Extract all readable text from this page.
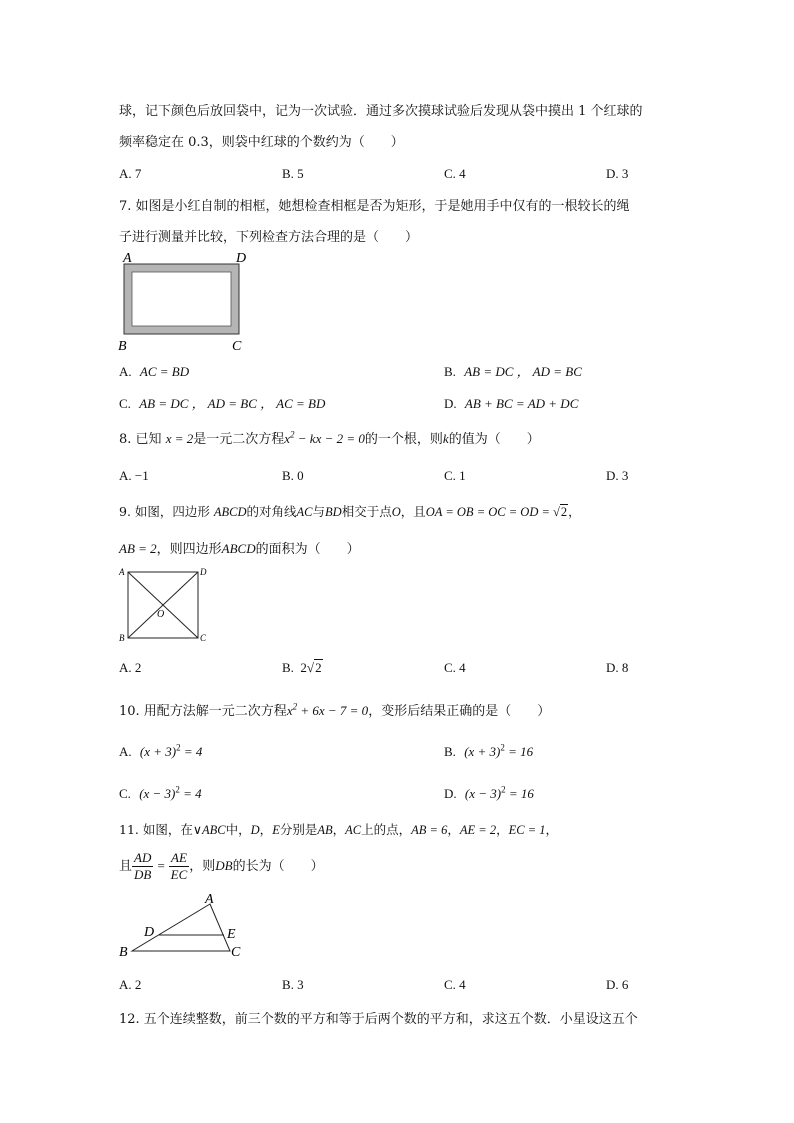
球，记下颜色后放回袋中，记为一次试验．通过多次摸球试验后发现从袋中摸出 1 个红球的
频率稳定在 0.3，则袋中红球的个数约为（　　）
A. 7	B. 5	C. 4	D. 3
7. 如图是小红自制的相框，她想检查相框是否为矩形，于是她用手中仅有的一根较长的绳
子进行测量并比较，下列检查方法合理的是（　　）
A	D
B	C
A. AC = BD	B. AB = DC ， AD = BC
C. AB = DC ， AD = BC ， AC = BD	D. AB + BC = AD + DC
8. 已知 x = 2是一元二次方程$x^2$ − kx − 2 = 0的一个根，则k的值为（　　）
A. −1	B. 0	C. 1	D. 3
9. 如图，四边形 ABCD的对角线AC与BD相交于点O，且OA = OB = OC = OD = √2，
AB = 2，则四边形ABCD的面积为（　　）
A	D
B	C
O
A. 2	B. 2√2	C. 4	D. 8
10. 用配方法解一元二次方程$x^2 + 6x - 7 = 0$，变形后结果正确的是（　　）
A. $(x + 3)^2 = 4$	B. $(x + 3)^2 = 16$
C. $(x - 3)^2 = 4$	D. $(x - 3)^2 = 16$
11. 如图，在∨ABC中，D，E分别是AB，AC上的点，AB = 6，AE = 2，EC = 1，
且 $\frac{AD}{DB} = \frac{AE}{EC}$ ，则DB的长为（　　）
A
D	E
B	C
A. 2	B. 3	C. 4	D. 6
12. 五个连续整数，前三个数的平方和等于后两个数的平方和，求这五个数．小星设这五个
